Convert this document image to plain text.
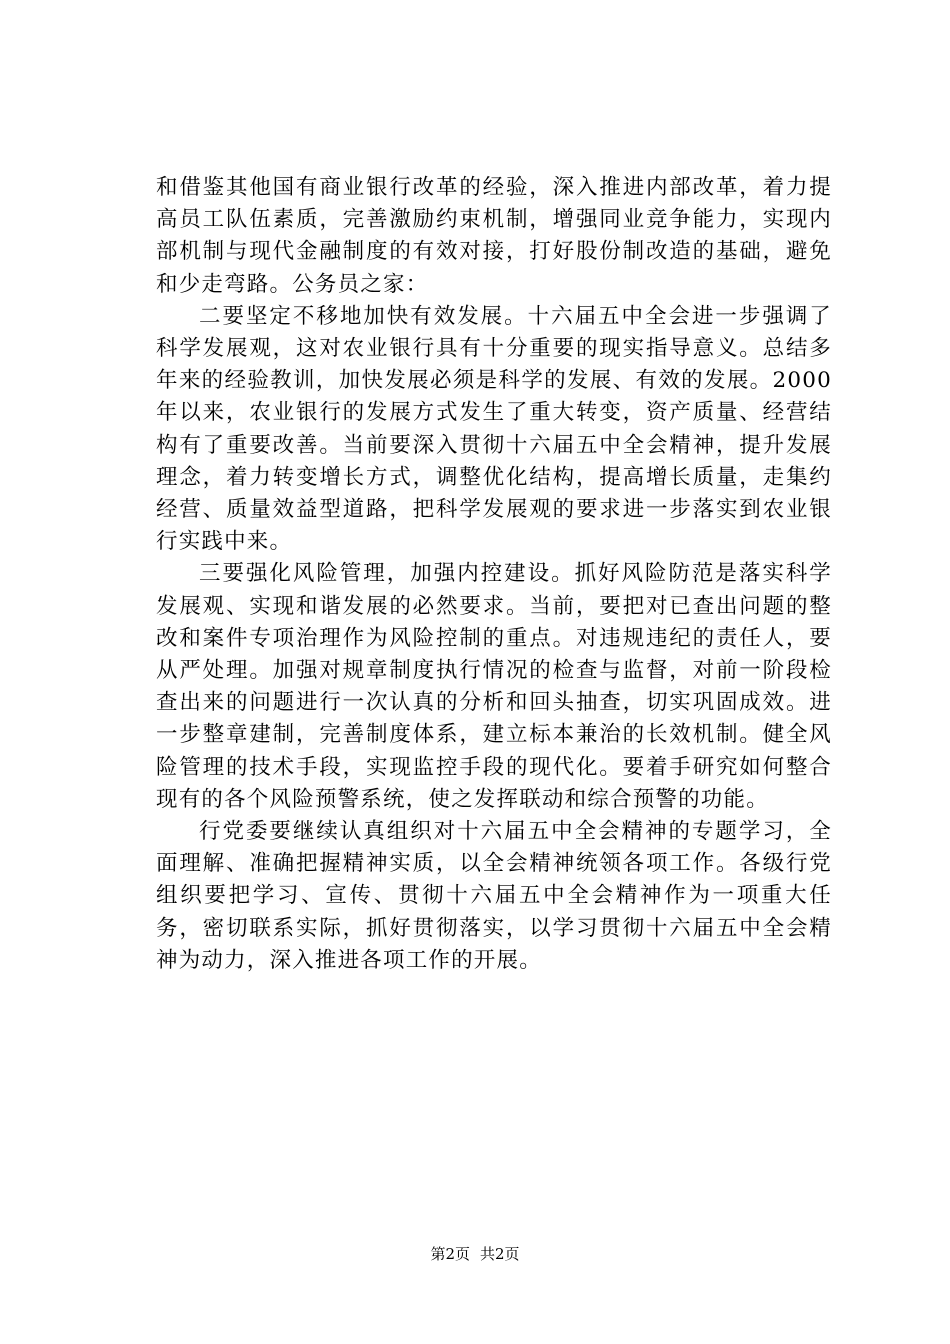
和借鉴其他国有商业银行改革的经验，深入推进内部改革，着力提高员工队伍素质，完善激励约束机制，增强同业竞争能力，实现内部机制与现代金融制度的有效对接，打好股份制改造的基础，避免和少走弯路。公务员之家：

二要坚定不移地加快有效发展。十六届五中全会进一步强调了科学发展观，这对农业银行具有十分重要的现实指导意义。总结多年来的经验教训，加快发展必须是科学的发展、有效的发展。2000年以来，农业银行的发展方式发生了重大转变，资产质量、经营结构有了重要改善。当前要深入贯彻十六届五中全会精神，提升发展理念，着力转变增长方式，调整优化结构，提高增长质量，走集约经营、质量效益型道路，把科学发展观的要求进一步落实到农业银行实践中来。

三要强化风险管理，加强内控建设。抓好风险防范是落实科学发展观、实现和谐发展的必然要求。当前，要把对已查出问题的整改和案件专项治理作为风险控制的重点。对违规违纪的责任人，要从严处理。加强对规章制度执行情况的检查与监督，对前一阶段检查出来的问题进行一次认真的分析和回头抽查，切实巩固成效。进一步整章建制，完善制度体系，建立标本兼治的长效机制。健全风险管理的技术手段，实现监控手段的现代化。要着手研究如何整合现有的各个风险预警系统，使之发挥联动和综合预警的功能。

行党委要继续认真组织对十六届五中全会精神的专题学习，全面理解、准确把握精神实质，以全会精神统领各项工作。各级行党组织要把学习、宣传、贯彻十六届五中全会精神作为一项重大任务，密切联系实际，抓好贯彻落实，以学习贯彻十六届五中全会精神为动力，深入推进各项工作的开展。

第2页 共2页
